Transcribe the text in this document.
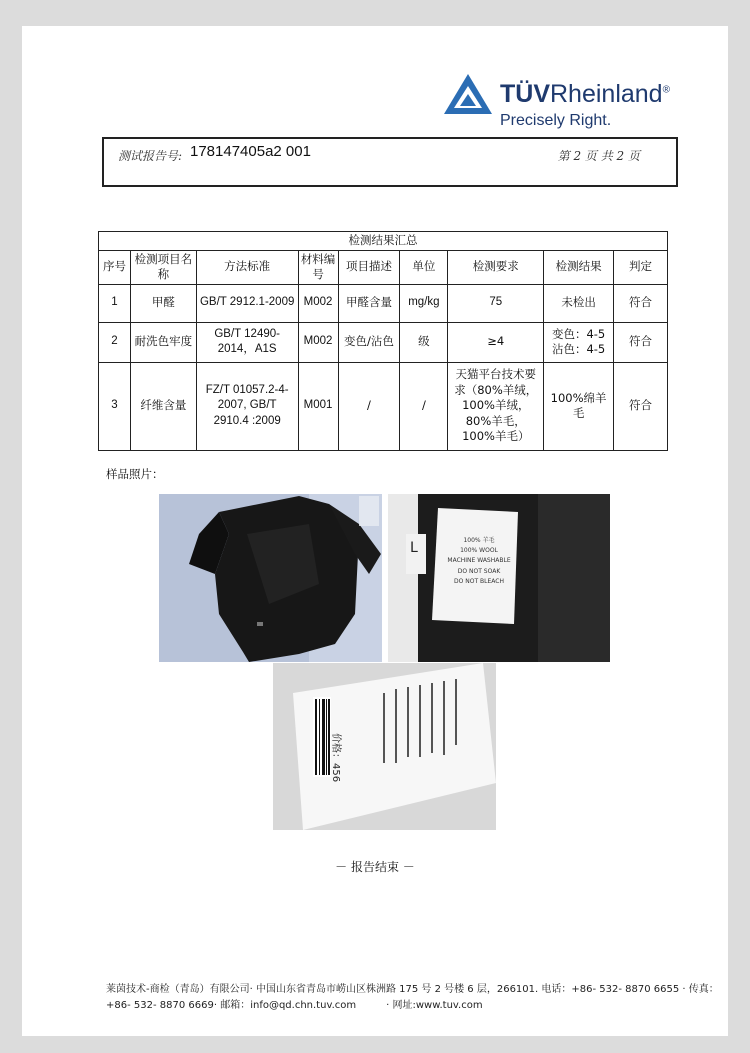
TÜVRheinland®
Precisely Right.
测试报告号: 178147405a2 001	第 2 页 共 2 页
检测结果汇总								
序号	检测项目名称	方法标准	材料编号	项目描述	单位	检测要求	检测结果	判定
1	甲醛	GB/T 2912.1-2009	M002	甲醛含量	mg/kg	75	未检出	符合
2	耐洗色牢度	GB/T 12490-2014，A1S	M002	变色/沾色	级	≥4	变色：4-5 沾色：4-5	符合
3	纤维含量	FZ/T 01057.2-4-2007, GB/T 2910.4 :2009	M001	/	/	天猫平台技术要求（80%羊绒，100%羊绒，80%羊毛，100%羊毛）	100%绵羊毛	符合
样品照片：
L	100% 羊毛
100% WOOL
MACHINE WASHABLE
DO NOT SOAK
DO NOT BLEACH
价格：456
－ 报告结束 －
莱茵技术-商检（青岛）有限公司· 中国山东省青岛市崂山区株洲路 175 号 2 号楼 6 层，266101. 电话：+86- 532- 8870 6655 · 传真：
+86- 532- 8870 6669· 邮箱：info@qd.chn.tuv.com	· 网址:www.tuv.com
